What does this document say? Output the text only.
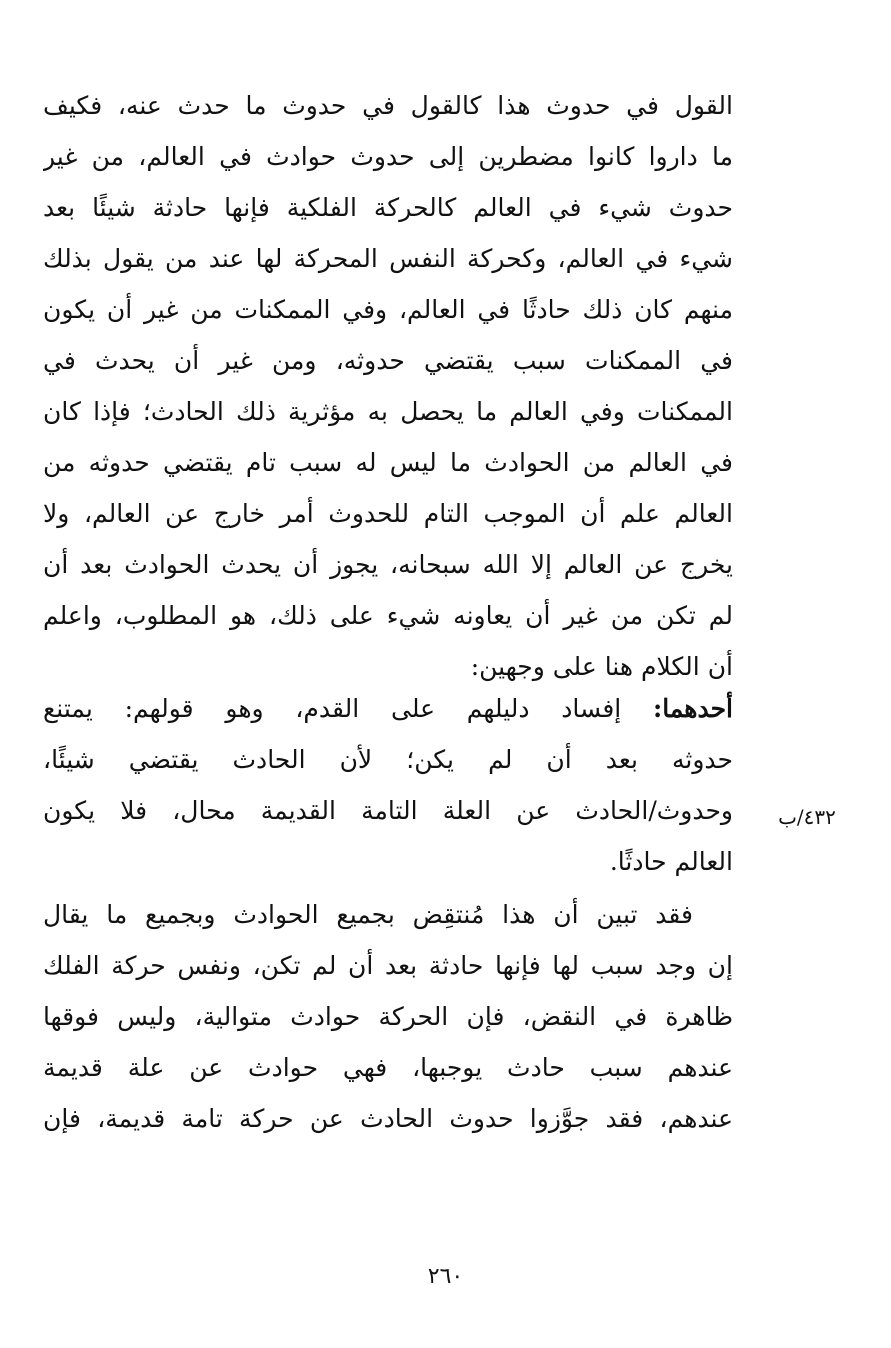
القول في حدوث هذا كالقول في حدوث ما حدث عنه، فكيف
ما داروا كانوا مضطرين إلى حدوث حوادث في العالم، من غير
حدوث شيء في العالم كالحركة الفلكية فإنها حادثة شيئًا بعد
شيء في العالم، وكحركة النفس المحركة لها عند من يقول بذلك
منهم كان ذلك حادثًا في العالم، وفي الممكنات من غير أن يكون
في الممكنات سبب يقتضي حدوثه، ومن غير أن يحدث في
الممكنات وفي العالم ما يحصل به مؤثرية ذلك الحادث؛ فإذا كان
في العالم من الحوادث ما ليس له سبب تام يقتضي حدوثه من
العالم علم أن الموجب التام للحدوث أمر خارج عن العالم، ولا
يخرج عن العالم إلا الله سبحانه، يجوز أن يحدث الحوادث بعد أن
لم تكن من غير أن يعاونه شيء على ذلك، هو المطلوب، واعلم
أن الكلام هنا على وجهين:
أحدهما: إفساد دليلهم على القدم، وهو قولهم: يمتنع
حدوثه بعد أن لم يكن؛ لأن الحادث يقتضي شيئًا،
وحدوث/الحادث عن العلة التامة القديمة محال، فلا يكون
العالم حادثًا.
فقد تبين أن هذا مُنتقِض بجميع الحوادث وبجميع ما يقال
إن وجد سبب لها فإنها حادثة بعد أن لم تكن، ونفس حركة الفلك
ظاهرة في النقض، فإن الحركة حوادث متوالية، وليس فوقها
عندهم سبب حادث يوجبها، فهي حوادث عن علة قديمة
عندهم، فقد جوَّزوا حدوث الحادث عن حركة تامة قديمة، فإن
٤٣٢/ب
٢٦٠
